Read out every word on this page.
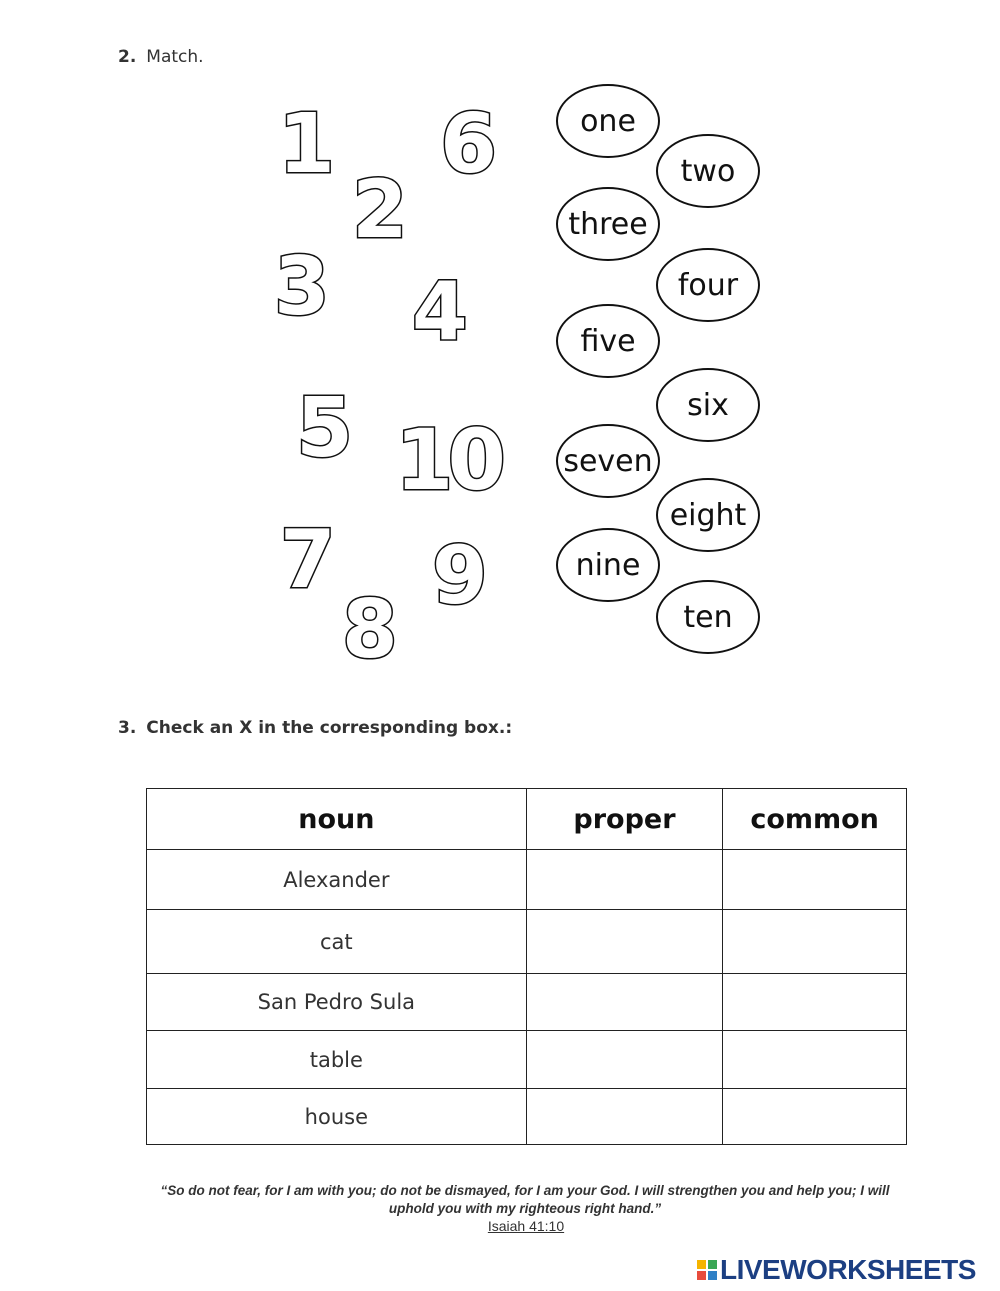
2. Match.
1 6
2
3 4
5 10
7 9
8
one
two
three
four
five
six
seven
eight
nine
ten
3. Check an X in the corresponding box.:
noun	proper	common
Alexander		
cat		
San Pedro Sula		
table		
house		
“So do not fear, for I am with you; do not be dismayed, for I am your God. I will strengthen you and help you; I will uphold you with my righteous right hand.”
Isaiah 41:10
LIVEWORKSHEETS
